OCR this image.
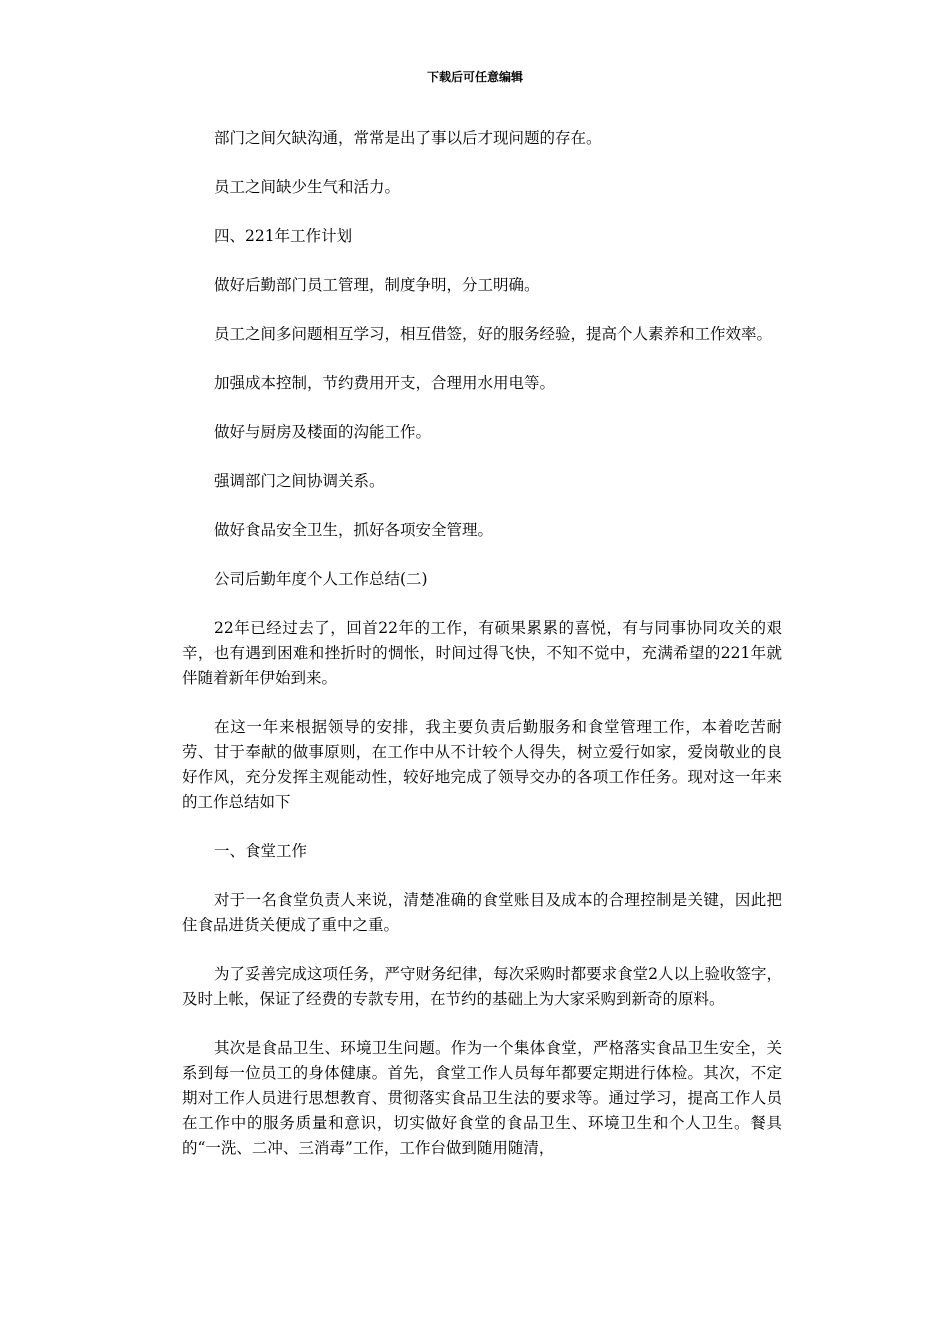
下载后可任意编辑

部门之间欠缺沟通，常常是出了事以后才现问题的存在。

员工之间缺少生气和活力。

四、221年工作计划

做好后勤部门员工管理，制度争明，分工明确。

员工之间多问题相互学习，相互借签，好的服务经验，提高个人素养和工作效率。

加强成本控制，节约费用开支，合理用水用电等。

做好与厨房及楼面的沟能工作。

强调部门之间协调关系。

做好食品安全卫生，抓好各项安全管理。

公司后勤年度个人工作总结(二)

22年已经过去了，回首22年的工作，有硕果累累的喜悦，有与同事协同攻关的艰辛，也有遇到困难和挫折时的惆怅，时间过得飞快，不知不觉中，充满希望的221年就伴随着新年伊始到来。

在这一年来根据领导的安排，我主要负责后勤服务和食堂管理工作，本着吃苦耐劳、甘于奉献的做事原则，在工作中从不计较个人得失，树立爱行如家，爱岗敬业的良好作风，充分发挥主观能动性，较好地完成了领导交办的各项工作任务。现对这一年来的工作总结如下

一、食堂工作

对于一名食堂负责人来说，清楚准确的食堂账目及成本的合理控制是关键，因此把住食品进货关便成了重中之重。

为了妥善完成这项任务，严守财务纪律，每次采购时都要求食堂2人以上验收签字，及时上帐，保证了经费的专款专用，在节约的基础上为大家采购到新奇的原料。

其次是食品卫生、环境卫生问题。作为一个集体食堂，严格落实食品卫生安全，关系到每一位员工的身体健康。首先，食堂工作人员每年都要定期进行体检。其次，不定期对工作人员进行思想教育、贯彻落实食品卫生法的要求等。通过学习，提高工作人员在工作中的服务质量和意识，切实做好食堂的食品卫生、环境卫生和个人卫生。餐具的“一洗、二冲、三消毒”工作，工作台做到随用随清，
